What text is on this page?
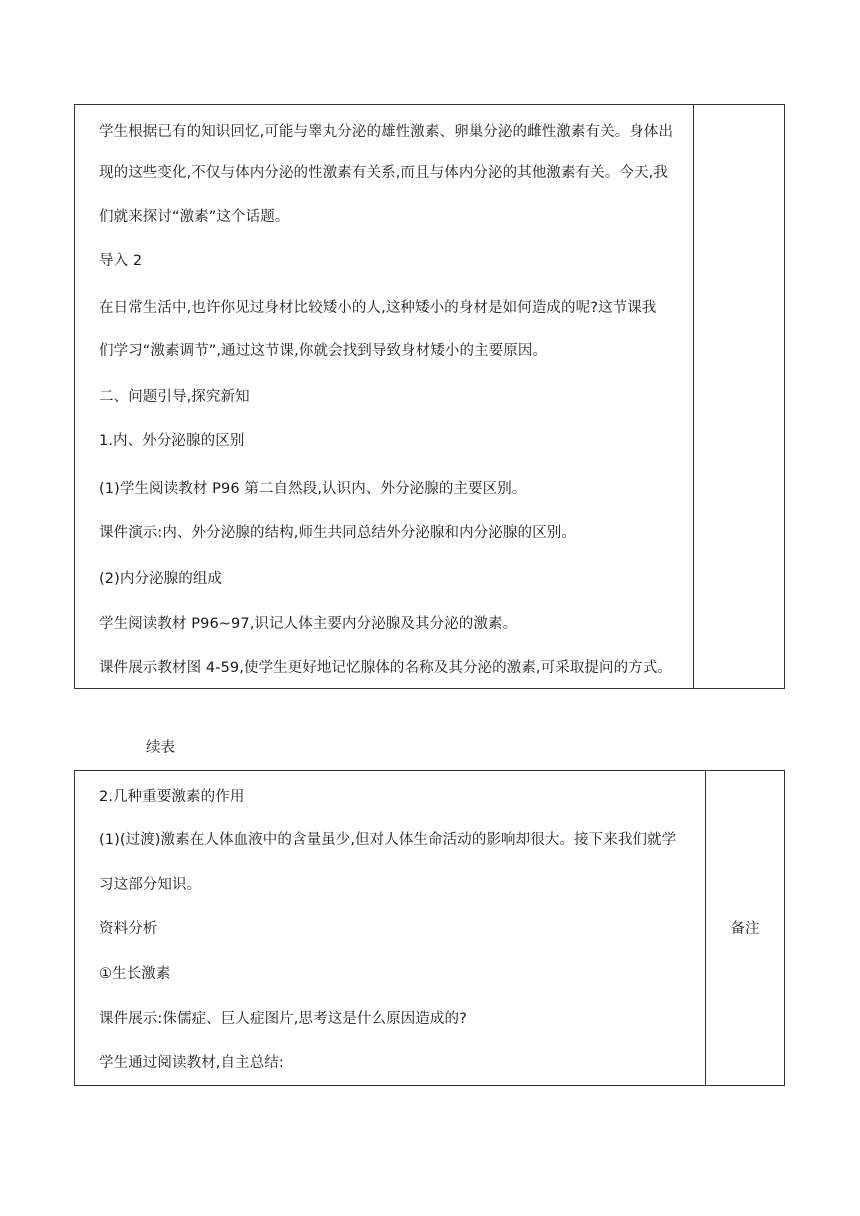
学生根据已有的知识回忆,可能与睾丸分泌的雄性激素、卵巢分泌的雌性激素有关。身体出
现的这些变化,不仅与体内分泌的性激素有关系,而且与体内分泌的其他激素有关。今天,我
们就来探讨“激素”这个话题。
导入 2
在日常生活中,也许你见过身材比较矮小的人,这种矮小的身材是如何造成的呢?这节课我
们学习“激素调节”,通过这节课,你就会找到导致身材矮小的主要原因。
二、问题引导,探究新知
1.内、外分泌腺的区别
(1)学生阅读教材 P96 第二自然段,认识内、外分泌腺的主要区别。
课件演示:内、外分泌腺的结构,师生共同总结外分泌腺和内分泌腺的区别。
(2)内分泌腺的组成
学生阅读教材 P96~97,识记人体主要内分泌腺及其分泌的激素。
课件展示教材图 4-59,使学生更好地记忆腺体的名称及其分泌的激素,可采取提问的方式。
续表
2.几种重要激素的作用
(1)(过渡)激素在人体血液中的含量虽少,但对人体生命活动的影响却很大。接下来我们就学
习这部分知识。
资料分析
①生长激素
课件展示:侏儒症、巨人症图片,思考这是什么原因造成的?
学生通过阅读教材,自主总结:
备注
